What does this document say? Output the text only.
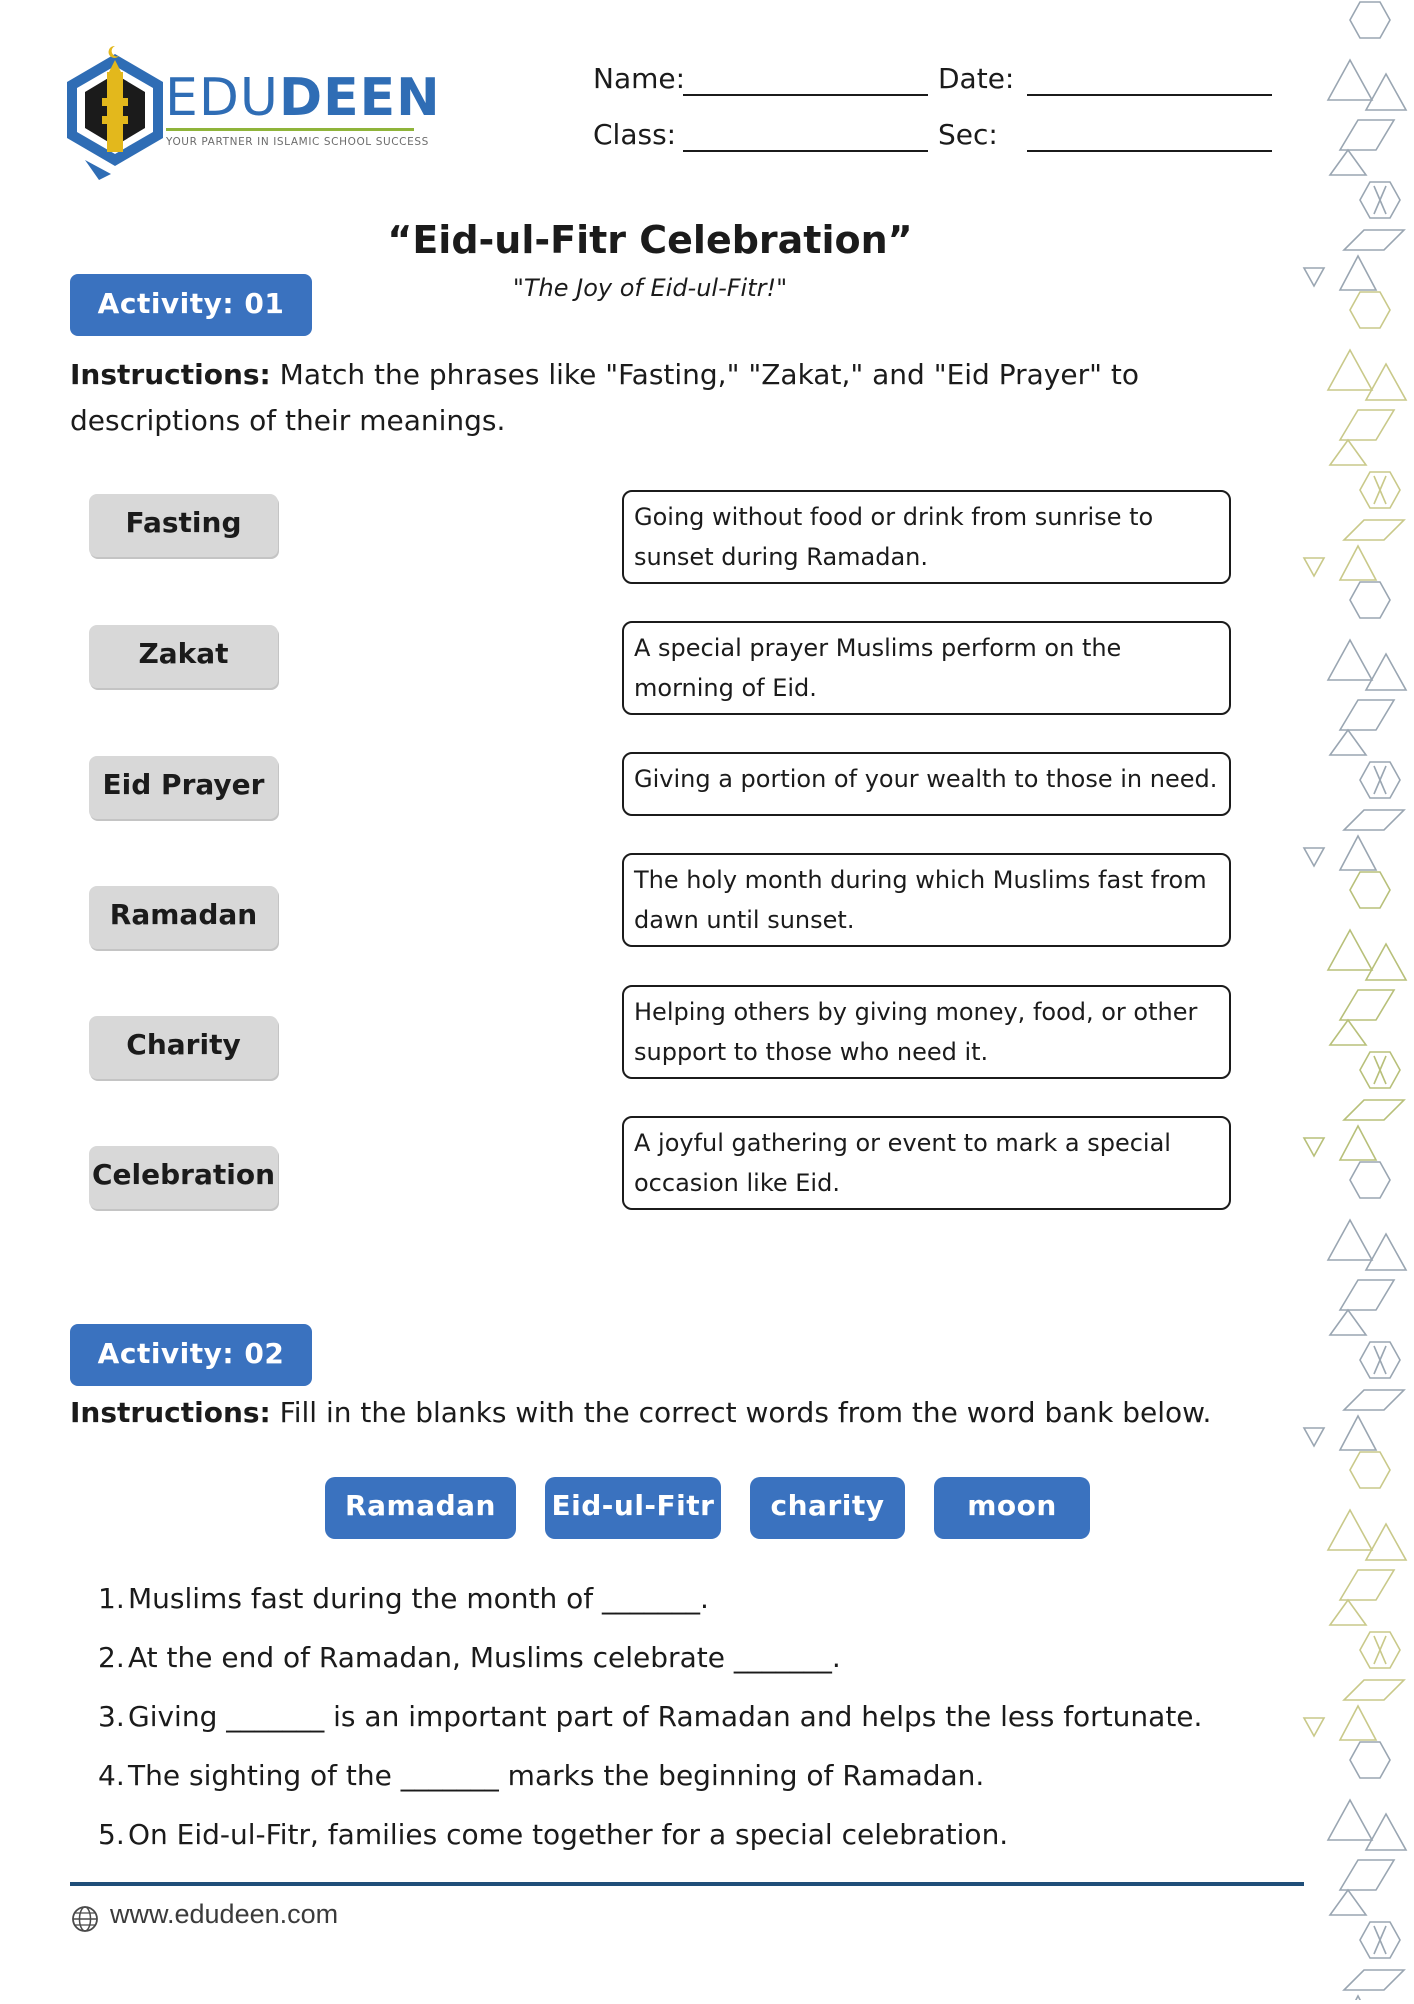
EDUDEEN
YOUR PARTNER IN ISLAMIC SCHOOL SUCCESS
Name:	Date:
Class:	Sec:
“Eid-ul-Fitr Celebration”
"The Joy of Eid-ul-Fitr!"
Activity: 01
Instructions: Match the phrases like "Fasting," "Zakat," and "Eid Prayer" to descriptions of their meanings.
Fasting
Zakat
Eid Prayer
Ramadan
Charity
Celebration
Going without food or drink from sunrise to sunset during Ramadan.
A special prayer Muslims perform on the morning of Eid.
Giving a portion of your wealth to those in need.
The holy month during which Muslims fast from dawn until sunset.
Helping others by giving money, food, or other support to those who need it.
A joyful gathering or event to mark a special occasion like Eid.
Activity: 02
Instructions: Fill in the blanks with the correct words from the word bank below.
Ramadan	Eid-ul-Fitr	charity	moon
1. Muslims fast during the month of _______.
2. At the end of Ramadan, Muslims celebrate _______.
3. Giving _______ is an important part of Ramadan and helps the less fortunate.
4. The sighting of the _______ marks the beginning of Ramadan.
5. On Eid-ul-Fitr, families come together for a special celebration.
www.edudeen.com
